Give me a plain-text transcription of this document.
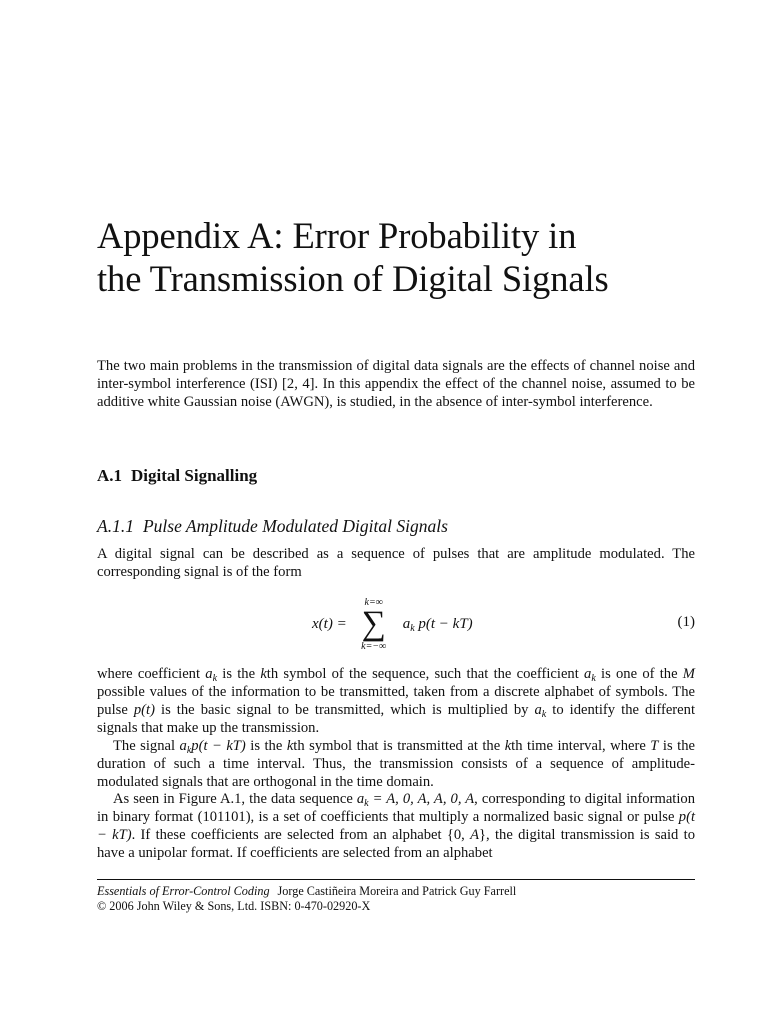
Appendix A: Error Probability in
the Transmission of Digital Signals

The two main problems in the transmission of digital data signals are the effects of channel noise and inter-symbol interference (ISI) [2, 4]. In this appendix the effect of the channel noise, assumed to be additive white Gaussian noise (AWGN), is studied, in the absence of inter-symbol interference.

A.1 Digital Signalling
A.1.1 Pulse Amplitude Modulated Digital Signals

A digital signal can be described as a sequence of pulses that are amplitude modulated. The corresponding signal is of the form

x(t) =
k=∞
∑
k=−∞
$a_k$ p(t − kT)	(1)

where coefficient $a_k$ is the kth symbol of the sequence, such that the coefficient $a_k$ is one of the M possible values of the information to be transmitted, taken from a discrete alphabet of symbols. The pulse p(t) is the basic signal to be transmitted, which is multiplied by $a_k$ to identify the different signals that make up the transmission.

The signal $a_kp(t - kT)$ is the kth symbol that is transmitted at the kth time interval, where T is the duration of such a time interval. Thus, the transmission consists of a sequence of amplitude-modulated signals that are orthogonal in the time domain.

As seen in Figure A.1, the data sequence $a_k = A$, 0, A, A, 0, A, corresponding to digital information in binary format (101101), is a set of coefficients that multiply a normalized basic signal or pulse p(t − kT). If these coefficients are selected from an alphabet {0, A}, the digital transmission is said to have a unipolar format. If coefficients are selected from an alphabet

Essentials of Error-Control Coding Jorge Castiñeira Moreira and Patrick Guy Farrell
© 2006 John Wiley & Sons, Ltd. ISBN: 0-470-02920-X
